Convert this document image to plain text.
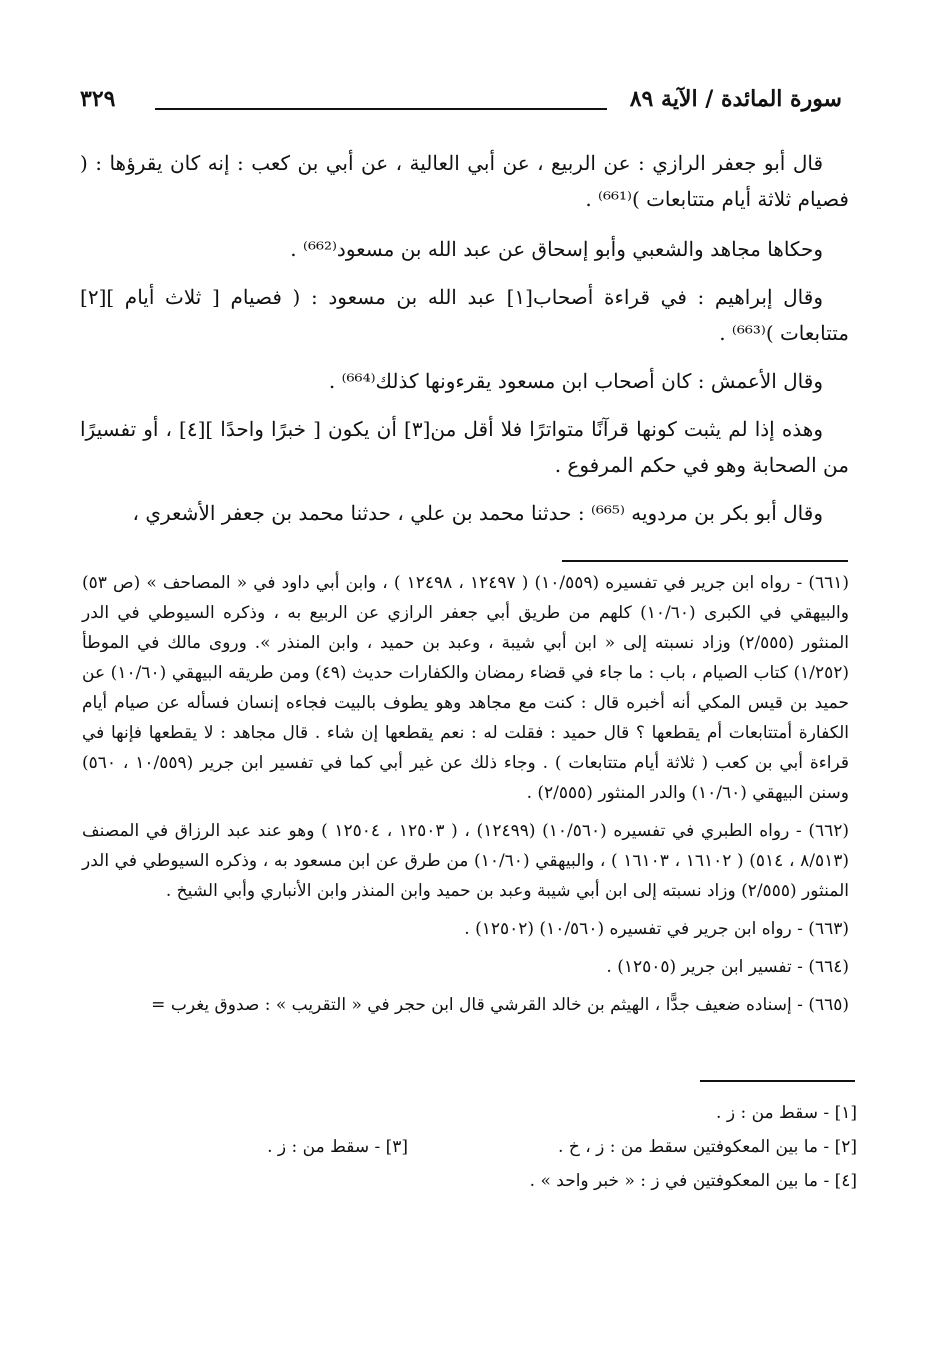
سورة المائدة / الآية ٨٩
٣٢٩

قال أبو جعفر الرازي : عن الربيع ، عن أبي العالية ، عن أبي بن كعب : إنه كان يقرؤها : ( فصيام ثلاثة أيام متتابعات )⁽⁶⁶¹⁾ .

وحكاها مجاهد والشعبي وأبو إسحاق عن عبد الله بن مسعود⁽⁶⁶²⁾ .

وقال إبراهيم : في قراءة أصحاب[١] عبد الله بن مسعود : ( فصيام [ ثلاث أيام ][٢] متتابعات )⁽⁶⁶³⁾ .

وقال الأعمش : كان أصحاب ابن مسعود يقرءونها كذلك⁽⁶⁶⁴⁾ .

وهذه إذا لم يثبت كونها قرآنًا متواترًا فلا أقل من[٣] أن يكون [ خبرًا واحدًا ][٤] ، أو تفسيرًا من الصحابة وهو في حكم المرفوع .

وقال أبو بكر بن مردويه ⁽⁶⁶⁵⁾ : حدثنا محمد بن علي ، حدثنا محمد بن جعفر الأشعري ،

(٦٦١) - رواه ابن جرير في تفسيره (١٠/٥٥٩) ( ١٢٤٩٧ ، ١٢٤٩٨ ) ، وابن أبي داود في « المصاحف » (ص ٥٣) والبيهقي في الكبرى (١٠/٦٠) كلهم من طريق أبي جعفر الرازي عن الربيع به ، وذكره السيوطي في الدر المنثور (٢/٥٥٥) وزاد نسبته إلى « ابن أبي شيبة ، وعبد بن حميد ، وابن المنذر ». وروى مالك في الموطأ (١/٢٥٢) كتاب الصيام ، باب : ما جاء في قضاء رمضان والكفارات حديث (٤٩) ومن طريقه البيهقي (١٠/٦٠) عن حميد بن قيس المكي أنه أخبره قال : كنت مع مجاهد وهو يطوف بالبيت فجاءه إنسان فسأله عن صيام أيام الكفارة أمتتابعات أم يقطعها ؟ قال حميد : فقلت له : نعم يقطعها إن شاء . قال مجاهد : لا يقطعها فإنها في قراءة أبي بن كعب ( ثلاثة أيام متتابعات ) . وجاء ذلك عن غير أبي كما في تفسير ابن جرير (١٠/٥٥٩ ، ٥٦٠) وسنن البيهقي (١٠/٦٠) والدر المنثور (٢/٥٥٥) .

(٦٦٢) - رواه الطبري في تفسيره (١٠/٥٦٠) (١٢٤٩٩) ، ( ١٢٥٠٣ ، ١٢٥٠٤ ) وهو عند عبد الرزاق في المصنف (٨/٥١٣ ، ٥١٤) ( ١٦١٠٢ ، ١٦١٠٣ ) ، والبيهقي (١٠/٦٠) من طرق عن ابن مسعود به ، وذكره السيوطي في الدر المنثور (٢/٥٥٥) وزاد نسبته إلى ابن أبي شيبة وعبد بن حميد وابن المنذر وابن الأنباري وأبي الشيخ .

(٦٦٣) - رواه ابن جرير في تفسيره (١٠/٥٦٠) (١٢٥٠٢) .

(٦٦٤) - تفسير ابن جرير (١٢٥٠٥) .

(٦٦٥) - إسناده ضعيف جدًّا ، الهيثم بن خالد القرشي قال ابن حجر في « التقريب » : صدوق يغرب =

[١] - سقط من : ز .
[٢] - ما بين المعكوفتين سقط من : ز ، خ .[٣] - سقط من : ز .
[٤] - ما بين المعكوفتين في ز : « خبر واحد » .
